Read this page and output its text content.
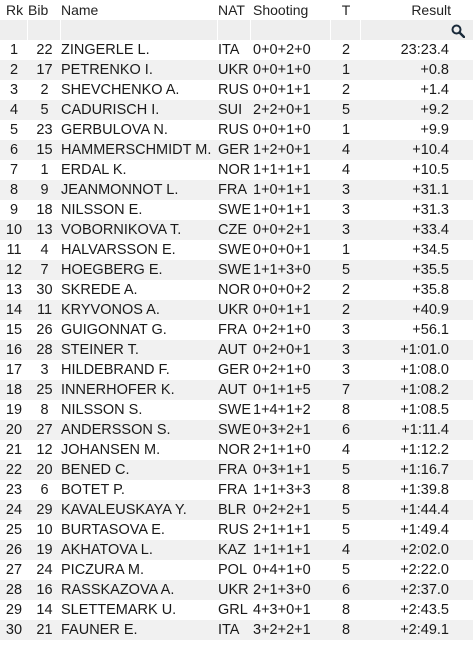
Rk Bib Name	NAT Shooting	T	Result
1	22 ZINGERLE L.	ITA 0+0+2+0	2	23:23.4
2	17 PETRENKO I.	UKR 0+0+1+0	1	+0.8
3	2 SHEVCHENKO A.	RUS 0+0+1+1	2	+1.4
4	5 CADURISCH I.	SUI 2+2+0+1	5	+9.2
5	23 GERBULOVA N.	RUS 0+0+1+0	1	+9.9
6	15 HAMMERSCHMIDT M. GER 1+2+0+1	4	+10.4
7	1 ERDAL K.	NOR 1+1+1+1	4	+10.5
8	9 JEANMONNOT L.	FRA 1+0+1+1	3	+31.1
9	18 NILSSON E.	SWE 1+0+1+1	3	+31.3
10 13 VOBORNIKOVA T.	CZE 0+0+2+1	3	+33.4
11	4 HALVARSSON E.	SWE 0+0+0+1	1	+34.5
12	7 HOEGBERG E.	SWE 1+1+3+0	5	+35.5
13 30 SKREDE A.	NOR 0+0+0+2	2	+35.8
14	11 KRYVONOS A.	UKR 0+0+1+1	2	+40.9
15 26 GUIGONNAT G.	FRA 0+2+1+0	3	+56.1
16 28 STEINER T.	AUT 0+2+0+1	3	+1:01.0
17	3 HILDEBRAND F.	GER 0+2+1+0	3	+1:08.0
18 25 INNERHOFER K.	AUT 0+1+1+5	7	+1:08.2
19	8 NILSSON S.	SWE 1+4+1+2	8	+1:08.5
20 27 ANDERSSON S.	SWE 0+3+2+1	6	+1:11.4
21 12 JOHANSEN M.	NOR 2+1+1+0	4	+1:12.2
22 20 BENED C.	FRA 0+3+1+1	5	+1:16.7
23	6 BOTET P.	FRA 1+1+3+3	8	+1:39.8
24 29 KAVALEUSKAYA Y.	BLR 0+2+2+1	5	+1:44.4
25 10 BURTASOVA E.	RUS 2+1+1+1	5	+1:49.4
26 19 AKHATOVA L.	KAZ 1+1+1+1	4	+2:02.0
27 24 PICZURA M.	POL 0+4+1+0	5	+2:22.0
28 16 RASSKAZOVA A.	UKR 2+1+3+0	6	+2:37.0
29 14 SLETTEMARK U.	GRL 4+3+0+1	8	+2:43.5
30 21 FAUNER E.	ITA 3+2+2+1	8	+2:49.1
